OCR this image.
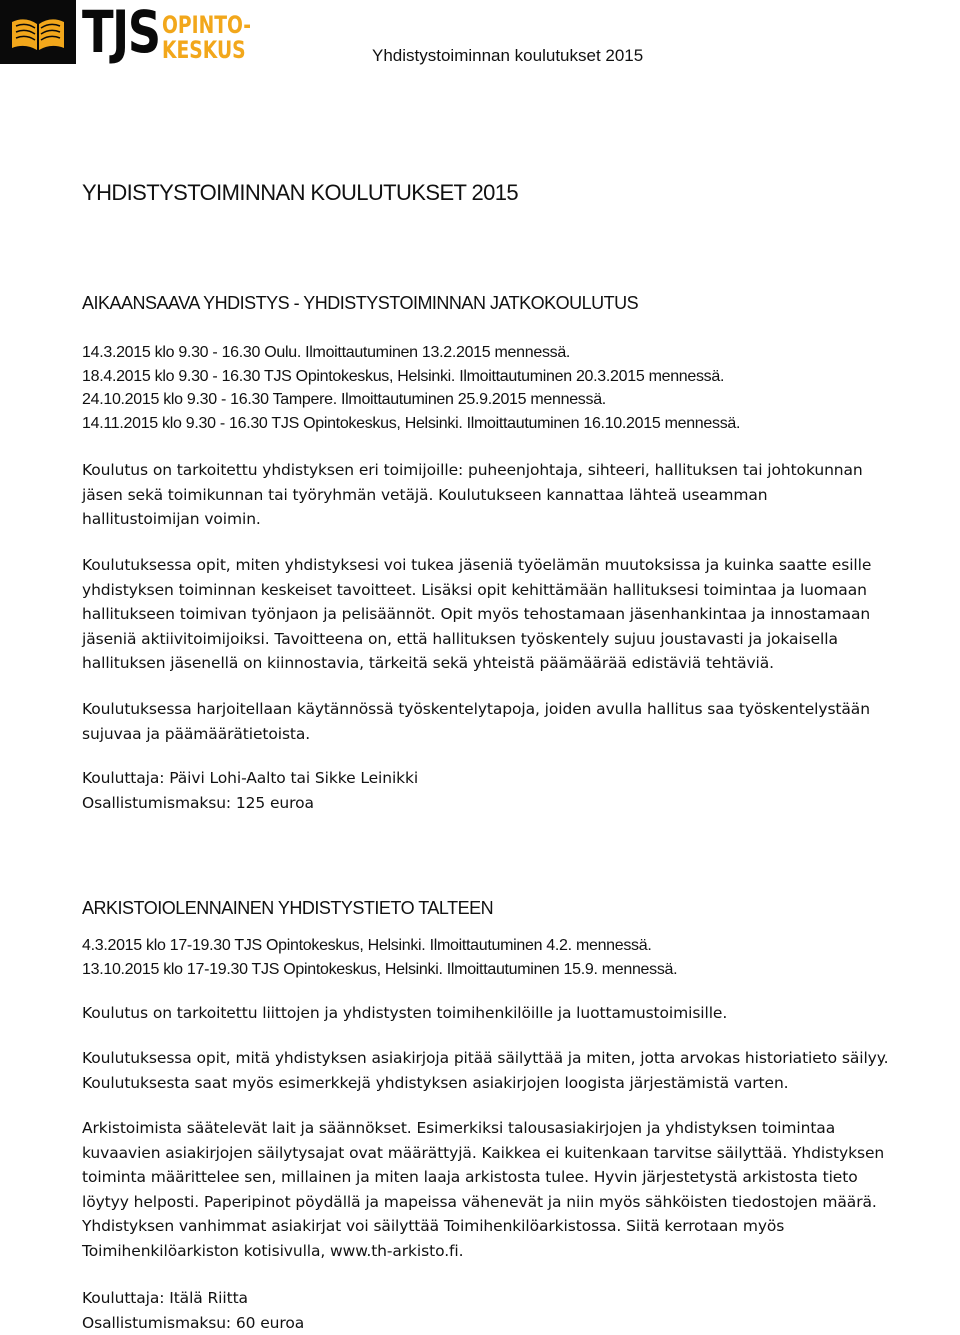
TJS OPINTO-
KESKUS	Yhdistystoiminnan koulutukset 2015
YHDISTYSTOIMINNAN KOULUTUKSET 2015
AIKAANSAAVA YHDISTYS - YHDISTYSTOIMINNAN JATKOKOULUTUS
14.3.2015 klo 9.30 - 16.30 Oulu. Ilmoittautuminen 13.2.2015 mennessä.
18.4.2015 klo 9.30 - 16.30 TJS Opintokeskus, Helsinki. Ilmoittautuminen 20.3.2015 mennessä.
24.10.2015 klo 9.30 - 16.30 Tampere. Ilmoittautuminen 25.9.2015 mennessä.
14.11.2015 klo 9.30 - 16.30 TJS Opintokeskus, Helsinki. Ilmoittautuminen 16.10.2015 mennessä.
Koulutus on tarkoitettu yhdistyksen eri toimijoille: puheenjohtaja, sihteeri, hallituksen tai johtokunnan
jäsen sekä toimikunnan tai työryhmän vetäjä. Koulutukseen kannattaa lähteä useamman
hallitustoimijan voimin.
Koulutuksessa opit, miten yhdistyksesi voi tukea jäseniä työelämän muutoksissa ja kuinka saatte esille
yhdistyksen toiminnan keskeiset tavoitteet. Lisäksi opit kehittämään hallituksesi toimintaa ja luomaan
hallitukseen toimivan työnjaon ja pelisäännöt. Opit myös tehostamaan jäsenhankintaa ja innostamaan
jäseniä aktiivitoimijoiksi. Tavoitteena on, että hallituksen työskentely sujuu joustavasti ja jokaisella
hallituksen jäsenellä on kiinnostavia, tärkeitä sekä yhteistä päämäärää edistäviä tehtäviä.
Koulutuksessa harjoitellaan käytännössä työskentelytapoja, joiden avulla hallitus saa työskentelystään
sujuvaa ja päämäärätietoista.
Kouluttaja: Päivi Lohi-Aalto tai Sikke Leinikki
Osallistumismaksu: 125 euroa
ARKISTOIOLENNAINEN YHDISTYSTIETO TALTEEN
4.3.2015 klo 17-19.30 TJS Opintokeskus, Helsinki. Ilmoittautuminen 4.2. mennessä.
13.10.2015 klo 17-19.30 TJS Opintokeskus, Helsinki. Ilmoittautuminen 15.9. mennessä.
Koulutus on tarkoitettu liittojen ja yhdistysten toimihenkilöille ja luottamustoimisille.
Koulutuksessa opit, mitä yhdistyksen asiakirjoja pitää säilyttää ja miten, jotta arvokas historiatieto säilyy.
Koulutuksesta saat myös esimerkkejä yhdistyksen asiakirjojen loogista järjestämistä varten.
Arkistoimista säätelevät lait ja säännökset. Esimerkiksi talousasiakirjojen ja yhdistyksen toimintaa
kuvaavien asiakirjojen säilytysajat ovat määrättyjä. Kaikkea ei kuitenkaan tarvitse säilyttää. Yhdistyksen
toiminta määrittelee sen, millainen ja miten laaja arkistosta tulee. Hyvin järjestetystä arkistosta tieto
löytyy helposti. Paperipinot pöydällä ja mapeissa vähenevät ja niin myös sähköisten tiedostojen määrä.
Yhdistyksen vanhimmat asiakirjat voi säilyttää Toimihenkilöarkistossa. Siitä kerrotaan myös
Toimihenkilöarkiston kotisivulla, www.th-arkisto.fi.
Kouluttaja: Itälä Riitta
Osallistumismaksu: 60 euroa
